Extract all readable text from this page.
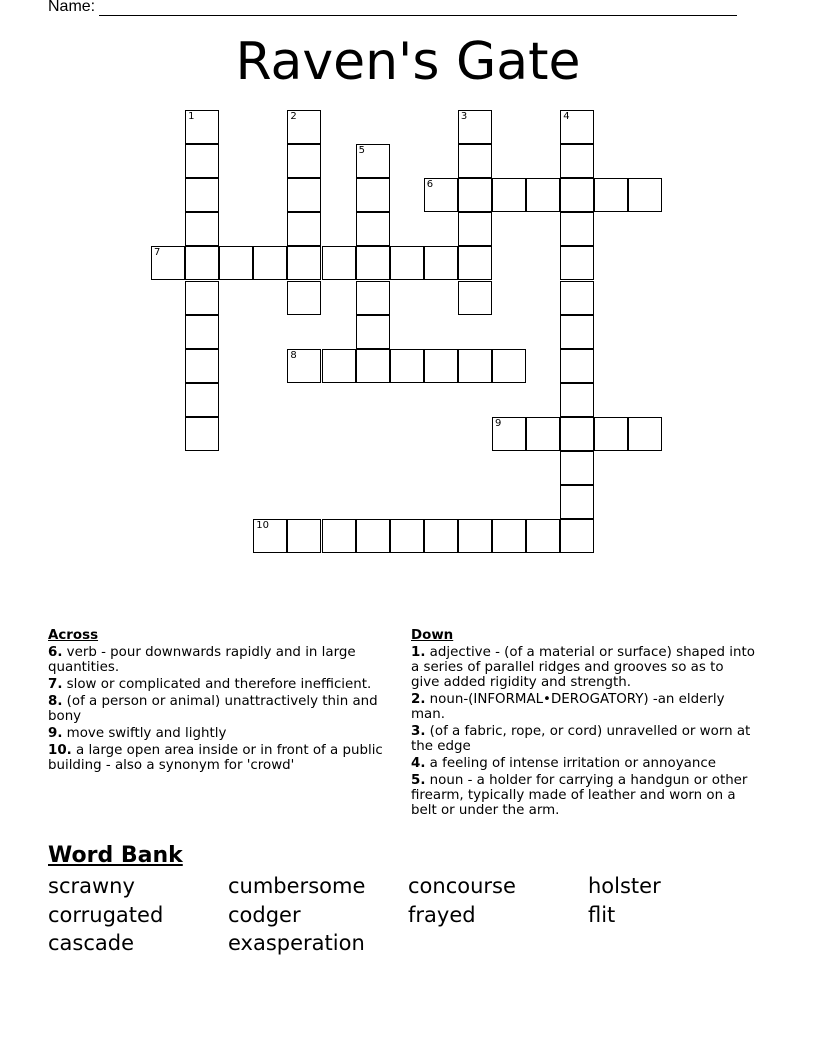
Name:
Raven's Gate
1	2	3	4
5
6
7
8
9
10
Across
6. verb - pour downwards rapidly and in large quantities.
7. slow or complicated and therefore inefficient.
8. (of a person or animal) unattractively thin and bony
9. move swiftly and lightly
10. a large open area inside or in front of a public building - also a synonym for 'crowd'
Down
1. adjective - (of a material or surface) shaped into a series of parallel ridges and grooves so as to give added rigidity and strength.
2. noun-(INFORMAL•DEROGATORY) -an elderly man.
3. (of a fabric, rope, or cord) unravelled or worn at the edge
4. a feeling of intense irritation or annoyance
5. noun - a holder for carrying a handgun or other firearm, typically made of leather and worn on a belt or under the arm.
Word Bank
scrawny	cumbersome	concourse	holster
corrugated	codger	frayed	flit
cascade	exasperation
